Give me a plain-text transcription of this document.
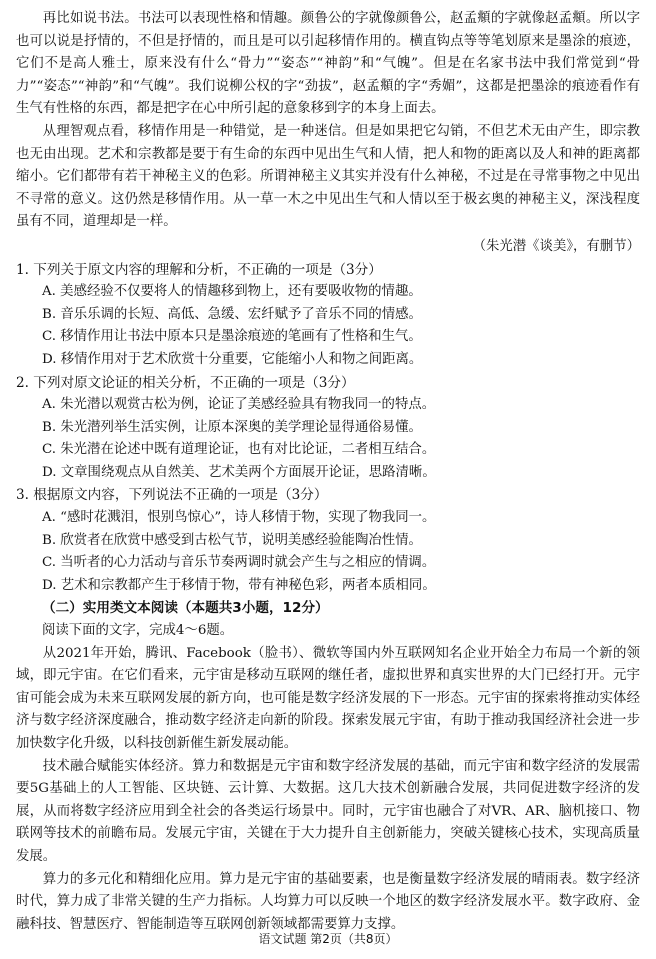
再比如说书法。书法可以表现性格和情趣。颜鲁公的字就像颜鲁公，赵孟頫的字就像赵孟頫。所以字也可以说是抒情的，不但是抒情的，而且是可以引起移情作用的。横直钩点等等笔划原来是墨涂的痕迹，它们不是高人雅士，原来没有什么“骨力”“姿态”“神韵”和“气魄”。但是在名家书法中我们常觉到“骨力”“姿态”“神韵”和“气魄”。我们说柳公权的字“劲拔”，赵孟頫的字“秀媚”，这都是把墨涂的痕迹看作有生气有性格的东西，都是把字在心中所引起的意象移到字的本身上面去。

从理智观点看，移情作用是一种错觉，是一种迷信。但是如果把它勾销，不但艺术无由产生，即宗教也无由出现。艺术和宗教都是要于有生命的东西中见出生气和人情，把人和物的距离以及人和神的距离都缩小。它们都带有若干神秘主义的色彩。所谓神秘主义其实并没有什么神秘，不过是在寻常事物之中见出不寻常的意义。这仍然是移情作用。从一草一木之中见出生气和人情以至于极玄奥的神秘主义，深浅程度虽有不同，道理却是一样。

（朱光潜《谈美》，有删节）

1. 下列关于原文内容的理解和分析，不正确的一项是（3分）

A. 美感经验不仅要将人的情趣移到物上，还有要吸收物的情趣。

B. 音乐乐调的长短、高低、急缓、宏纤赋予了音乐不同的情感。

C. 移情作用让书法中原本只是墨涂痕迹的笔画有了性格和生气。

D. 移情作用对于艺术欣赏十分重要，它能缩小人和物之间距离。

2. 下列对原文论证的相关分析，不正确的一项是（3分）

A. 朱光潜以观赏古松为例，论证了美感经验具有物我同一的特点。

B. 朱光潜列举生活实例，让原本深奥的美学理论显得通俗易懂。

C. 朱光潜在论述中既有道理论证，也有对比论证，二者相互结合。

D. 文章围绕观点从自然美、艺术美两个方面展开论证，思路清晰。

3. 根据原文内容，下列说法不正确的一项是（3分）

A. “感时花溅泪，恨别鸟惊心”，诗人移情于物，实现了物我同一。

B. 欣赏者在欣赏中感受到古松气节，说明美感经验能陶冶性情。

C. 当听者的心力活动与音乐节奏两调时就会产生与之相应的情调。

D. 艺术和宗教都产生于移情于物，带有神秘色彩，两者本质相同。

（二）实用类文本阅读（本题共3小题，12分）

阅读下面的文字，完成4～6题。

从2021年开始，腾讯、Facebook（脸书）、微软等国内外互联网知名企业开始全力布局一个新的领域，即元宇宙。在它们看来，元宇宙是移动互联网的继任者，虚拟世界和真实世界的大门已经打开。元宇宙可能会成为未来互联网发展的新方向，也可能是数字经济发展的下一形态。元宇宙的探索将推动实体经济与数字经济深度融合，推动数字经济走向新的阶段。探索发展元宇宙，有助于推动我国经济社会进一步加快数字化升级，以科技创新催生新发展动能。

技术融合赋能实体经济。算力和数据是元宇宙和数字经济发展的基础，而元宇宙和数字经济的发展需要5G基础上的人工智能、区块链、云计算、大数据。这几大技术创新融合发展，共同促进数字经济的发展，从而将数字经济应用到全社会的各类运行场景中。同时，元宇宙也融合了对VR、AR、脑机接口、物联网等技术的前瞻布局。发展元宇宙，关键在于大力提升自主创新能力，突破关键核心技术，实现高质量发展。

算力的多元化和精细化应用。算力是元宇宙的基础要素，也是衡量数字经济发展的晴雨表。数字经济时代，算力成了非常关键的生产力指标。人均算力可以反映一个地区的数字经济发展水平。数字政府、金融科技、智慧医疗、智能制造等互联网创新领域都需要算力支撑。

语文试题 第2页（共8页）
